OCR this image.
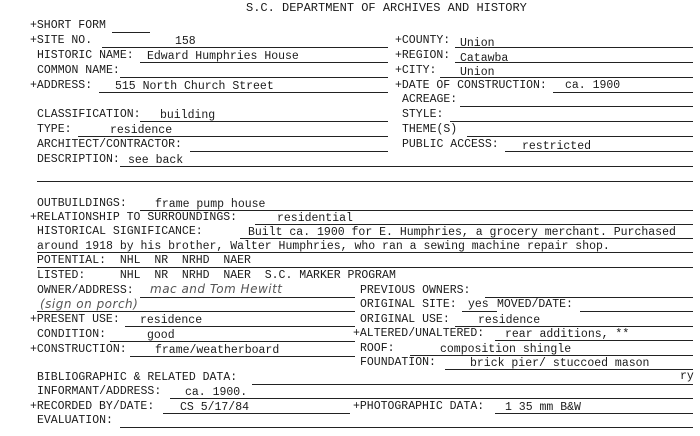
S.C. DEPARTMENT OF ARCHIVES AND HISTORY
+SHORT FORM
+SITE NO.	158
HISTORIC NAME: Edward Humphries House
COMMON NAME:
+ADDRESS: 515 North Church Street
CLASSIFICATION: building
TYPE:	residence
ARCHITECT/CONTRACTOR:
DESCRIPTION: see back
+COUNTY: Union
+REGION: Catawba
+CITY: Union
+DATE OF CONSTRUCTION: ca. 1900
ACREAGE:
STYLE:
THEME(S)
PUBLIC ACCESS: restricted
OUTBUILDINGS: frame pump house
+RELATIONSHIP TO SURROUNDINGS:	residential
HISTORICAL SIGNIFICANCE:	Built ca. 1900 for E. Humphries, a grocery merchant. Purchased
around 1918 by his brother, Walter Humphries, who ran a sewing machine repair shop.
POTENTIAL:  NHL  NR  NRHD  NAER
LISTED:     NHL  NR  NRHD  NAER  S.C. MARKER PROGRAM
OWNER/ADDRESS: mac and Tom Hewitt
(sign on porch)
PREVIOUS OWNERS:
ORIGINAL SITE: yes MOVED/DATE:
+PRESENT USE: residence	ORIGINAL USE: residence
CONDITION:	good	+ALTERED/UNALTERED: rear additions, **
+CONSTRUCTION: frame/weatherboard	ROOF:	composition shingle
FOUNDATION:	brick pier/ stuccoed mason
BIBLIOGRAPHIC & RELATED DATA:	ry
INFORMANT/ADDRESS: ca. 1900.
+RECORDED BY/DATE: CS 5/17/84	+PHOTOGRAPHIC DATA: 1 35 mm B&W
EVALUATION:
